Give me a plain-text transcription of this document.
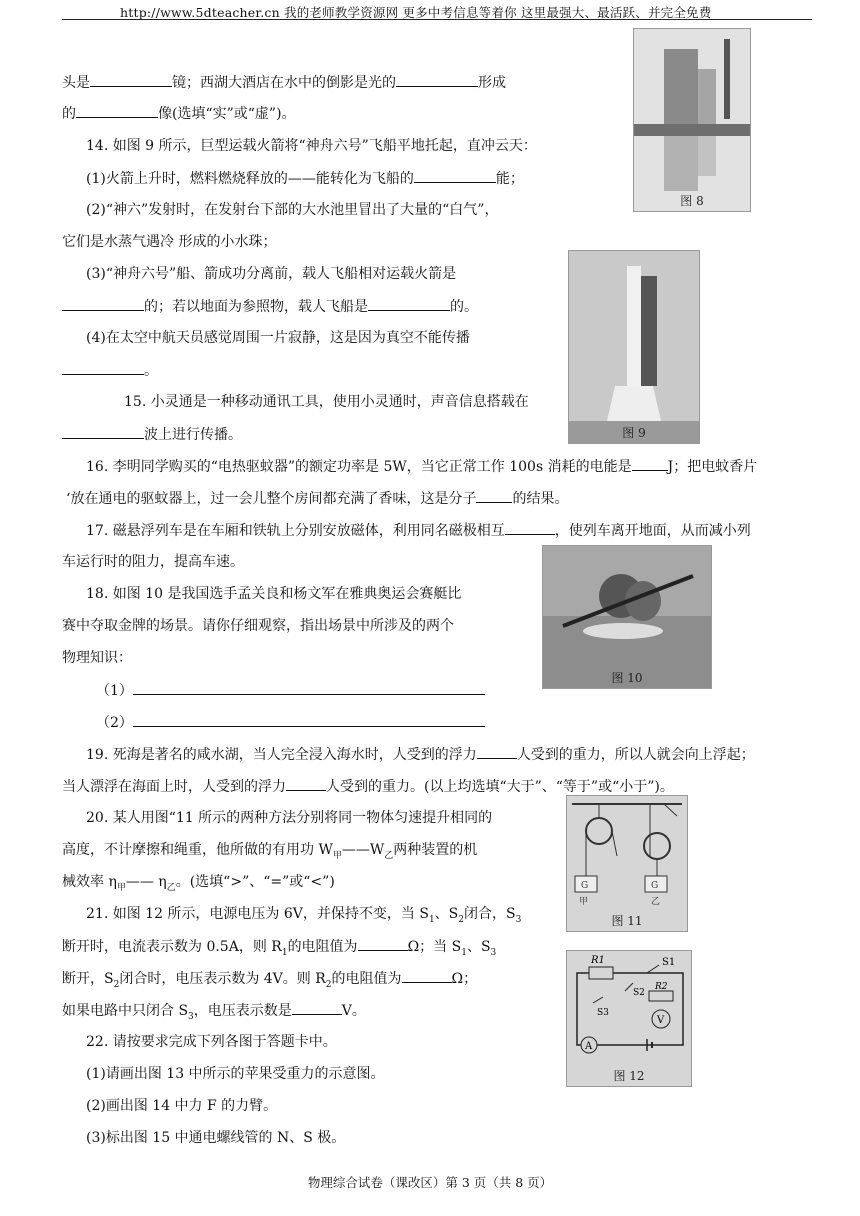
http://www.5dteacher.cn 我的老师教学资源网 更多中考信息等着你 这里最强大、最活跃、并完全免费
头是	镜；西湖大酒店在水中的倒影是光的	形成
的	像(选填“实”或“虚”)。
14. 如图 9 所示，巨型运载火箭将“神舟六号”飞船平地托起，直冲云天：
(1)火箭上升时，燃料燃烧释放的——能转化为飞船的	能；
(2)“神六”发射时，在发射台下部的大水池里冒出了大量的“白气”，
它们是水蒸气遇冷 形成的小水珠；
(3)“神舟六号”船、箭成功分离前，载人飞船相对运载火箭是
的；若以地面为参照物，载人飞船是	的。
(4)在太空中航天员感觉周围一片寂静，这是因为真空不能传播
。
15. 小灵通是一种移动通讯工具，使用小灵通时，声音信息搭载在
波上进行传播。
16. 李明同学购买的“电热驱蚊器”的额定功率是 5W，当它正常工作 100s 消耗的电能是	J；把电蚊香片
‘放在通电的驱蚊器上，过一会儿整个房间都充满了香味，这是分子	的结果。
17. 磁悬浮列车是在车厢和铁轨上分别安放磁体，利用同名磁极相互	，使列车离开地面，从而减小列
车运行时的阻力，提高车速。
18. 如图 10 是我国选手孟关良和杨文军在雅典奥运会赛艇比
赛中夺取金牌的场景。请你仔细观察，指出场景中所涉及的两个
物理知识：
（1）
（2）
19. 死海是著名的咸水湖，当人完全浸入海水时，人受到的浮力	人受到的重力，所以人就会向上浮起；
当人漂浮在海面上时，人受到的浮力	人受到的重力。(以上均选填“大于”、“等于”或“小于”)。
20. 某人用图“11 所示的两种方法分别将同一物体匀速提升相同的
高度，不计摩擦和绳重，他所做的有用功 $W_甲——W_乙$两种装置的机
械效率 $\eta_甲——$ $\eta_乙$。(选填“>”、“=”或“<”)
21. 如图 12 所示，电源电压为 6V，并保持不变，当 $S_1$、$S_2$闭合，$S_3$
断开时，电流表示数为 0.5A，则 $R_1$的电阻值为	Ω；当 $S_1$、$S_3$
断开，$S_2$闭合时，电压表示数为 4V。则 $R_2$的电阻值为	Ω；
如果电路中只闭合 $S_3$，电压表示数是	V。
22. 请按要求完成下列各图于答题卡中。
(1)请画出图 13 中所示的苹果受重力的示意图。
(2)画出图 14 中力 F 的力臂。
(3)标出图 15 中通电螺线管的 N、S 极。
图 8
图 9
图 10
G
甲
G
乙
图 11
R1	S1
S2
R2
S3
V
A
图 12
物理综合试卷（课改区）第 3 页（共 8 页）
